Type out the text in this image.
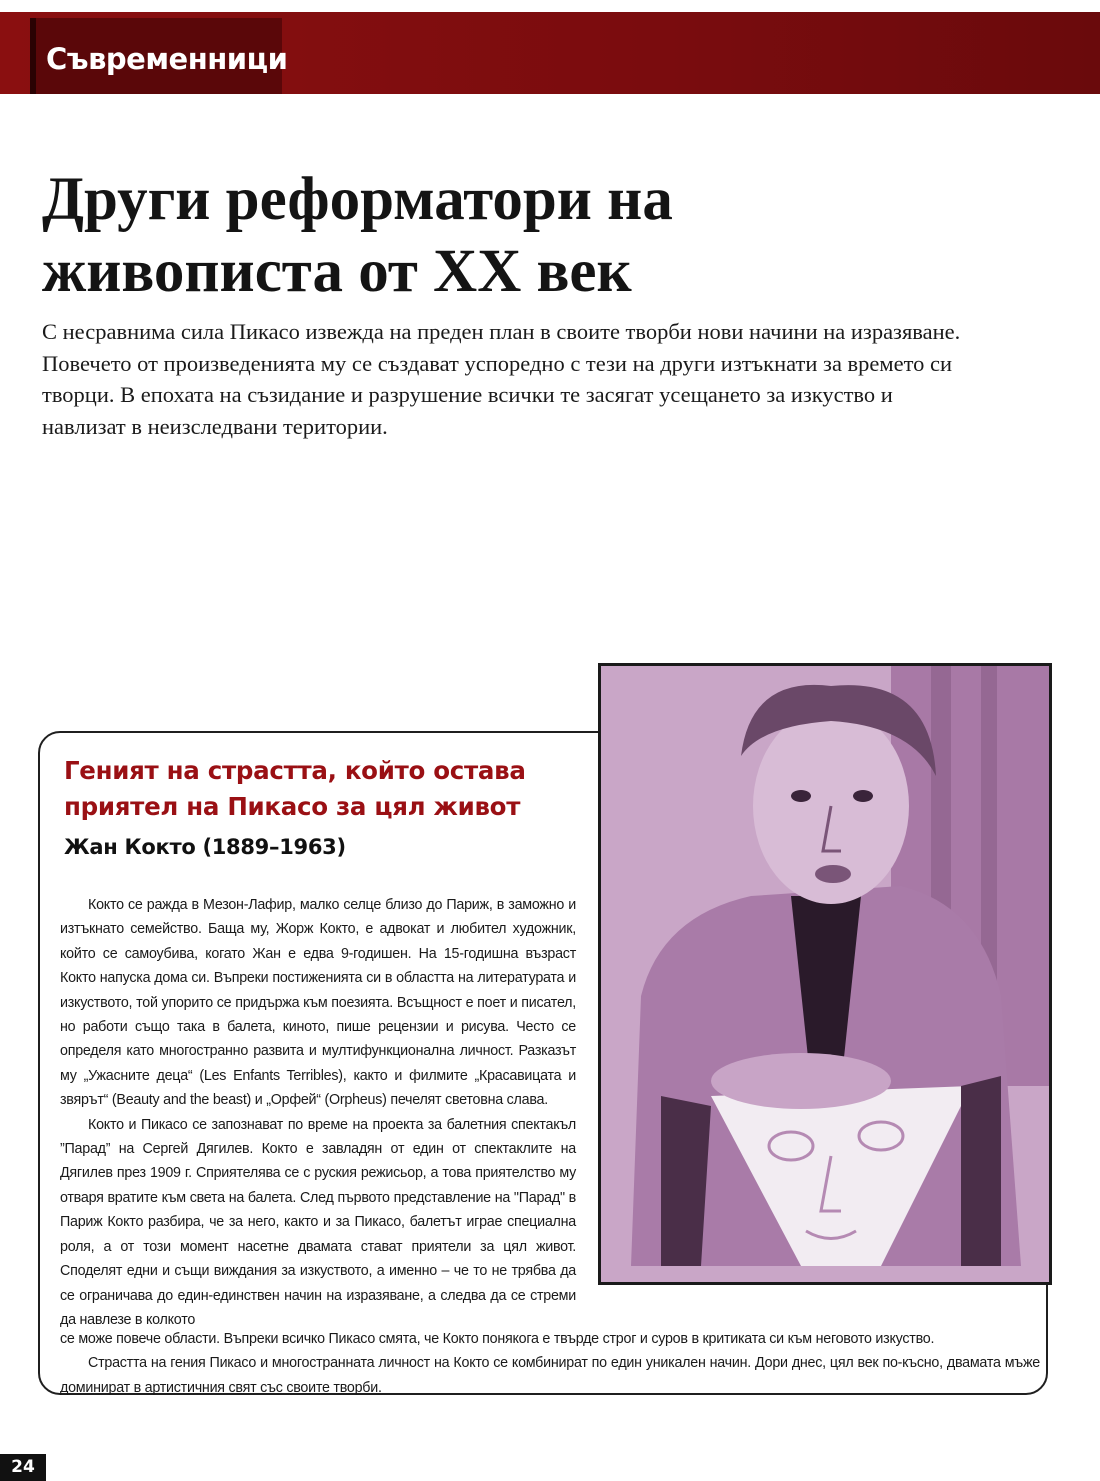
Съвременници
Други реформатори на
живописта от XX век

С несравнима сила Пикасо извежда на преден план в своите творби нови начини на изразяване. Повечето от произведенията му се създават успоредно с тези на други изтъкнати за времето си творци. В епохата на съзидание и разрушение всички те засягат усещането за изкуство и навлизат в неизследвани територии.

Геният на страстта, който остава
приятел на Пикасо за цял живот
Жан Кокто (1889–1963)
Кокто се ражда в Мезон-Лафир, малко селце близо до Париж, в заможно и изтъкнато семейство. Баща му, Жорж Кокто, е адвокат и любител художник, който се самоубива, когато Жан е едва 9-годишен. На 15-годишна възраст Кокто напуска дома си. Въпреки постиженията си в областта на литературата и изкуството, той упорито се придържа към поезията. Всъщност е поет и писател, но работи също така в балета, киното, пише рецензии и рисува. Често се определя като многостранно развита и мултифункционална личност. Разказът му „Ужасните деца“ (Les Enfants Terribles), както и филмите „Красавицата и звярът“ (Beauty and the beast) и „Орфей“ (Orpheus) печелят световна слава.
Кокто и Пикасо се запознават по време на проекта за балетния спектакъл ”Парад” на Сергей Дягилев. Кокто е завладян от един от спектаклите на Дягилев през 1909 г. Сприятелява се с руския режисьор, а това приятелство му отваря вратите към света на балета. След първото представление на "Парад" в Париж Кокто разбира, че за него, както и за Пикасо, балетът играе специална роля, а от този момент насетне двамата стават приятели за цял живот. Споделят едни и същи виждания за изкуството, а именно – че то не трябва да се ограничава до един-единствен начин на изразяване, а следва да се стреми да навлезе в колкото
се може повече области. Въпреки всичко Пикасо смята, че Кокто понякога е твърде строг и суров в критиката си към неговото изкуство.
Страстта на гения Пикасо и многостранната личност на Кокто се комбинират по един уникален начин. Дори днес, цял век по-късно, двамата мъже доминират в артистичния свят със своите творби.
24
